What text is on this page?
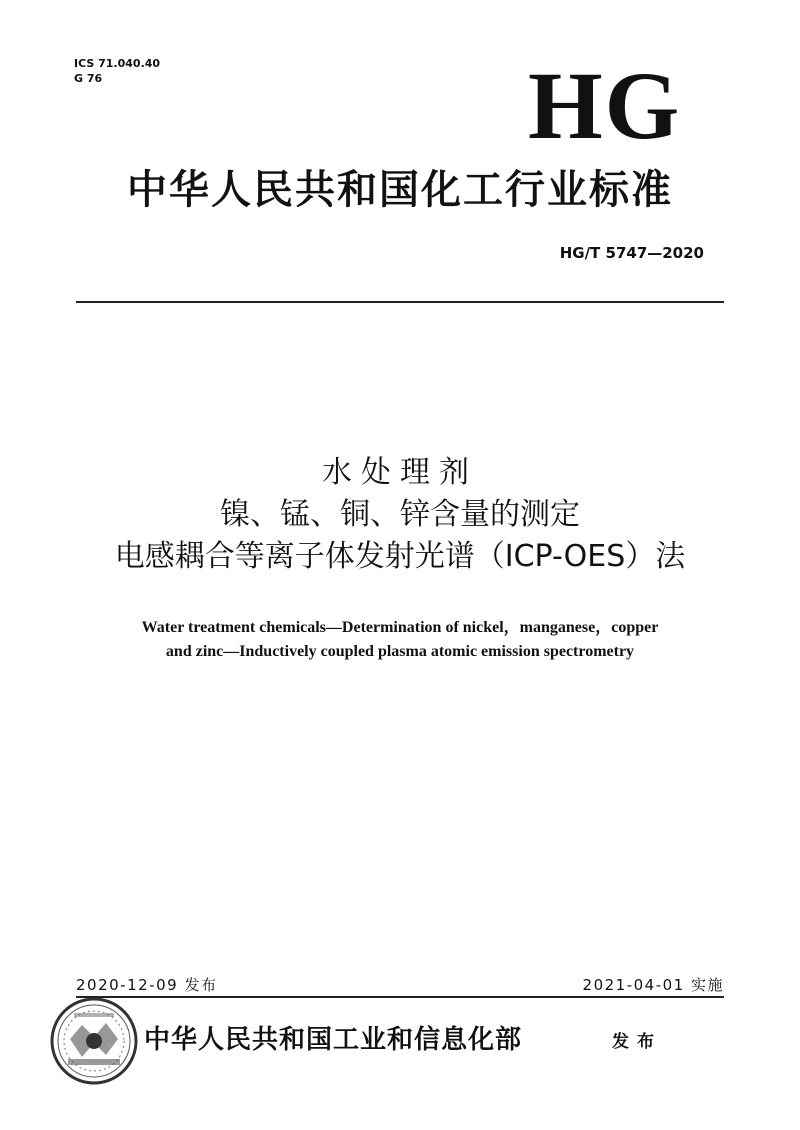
ICS 71.040.40
G 76	HG
中华人民共和国化工行业标准
HG/T 5747—2020
水处理剂
镍、锰、铜、锌含量的测定
电感耦合等离子体发射光谱（ICP-OES）法
Water treatment chemicals—Determination of nickel，manganese，copper
and zinc—Inductively coupled plasma atomic emission spectrometry
2020-12-09 发布	2021-04-01 实施
中华人民共和国工业和信息化部	发布
